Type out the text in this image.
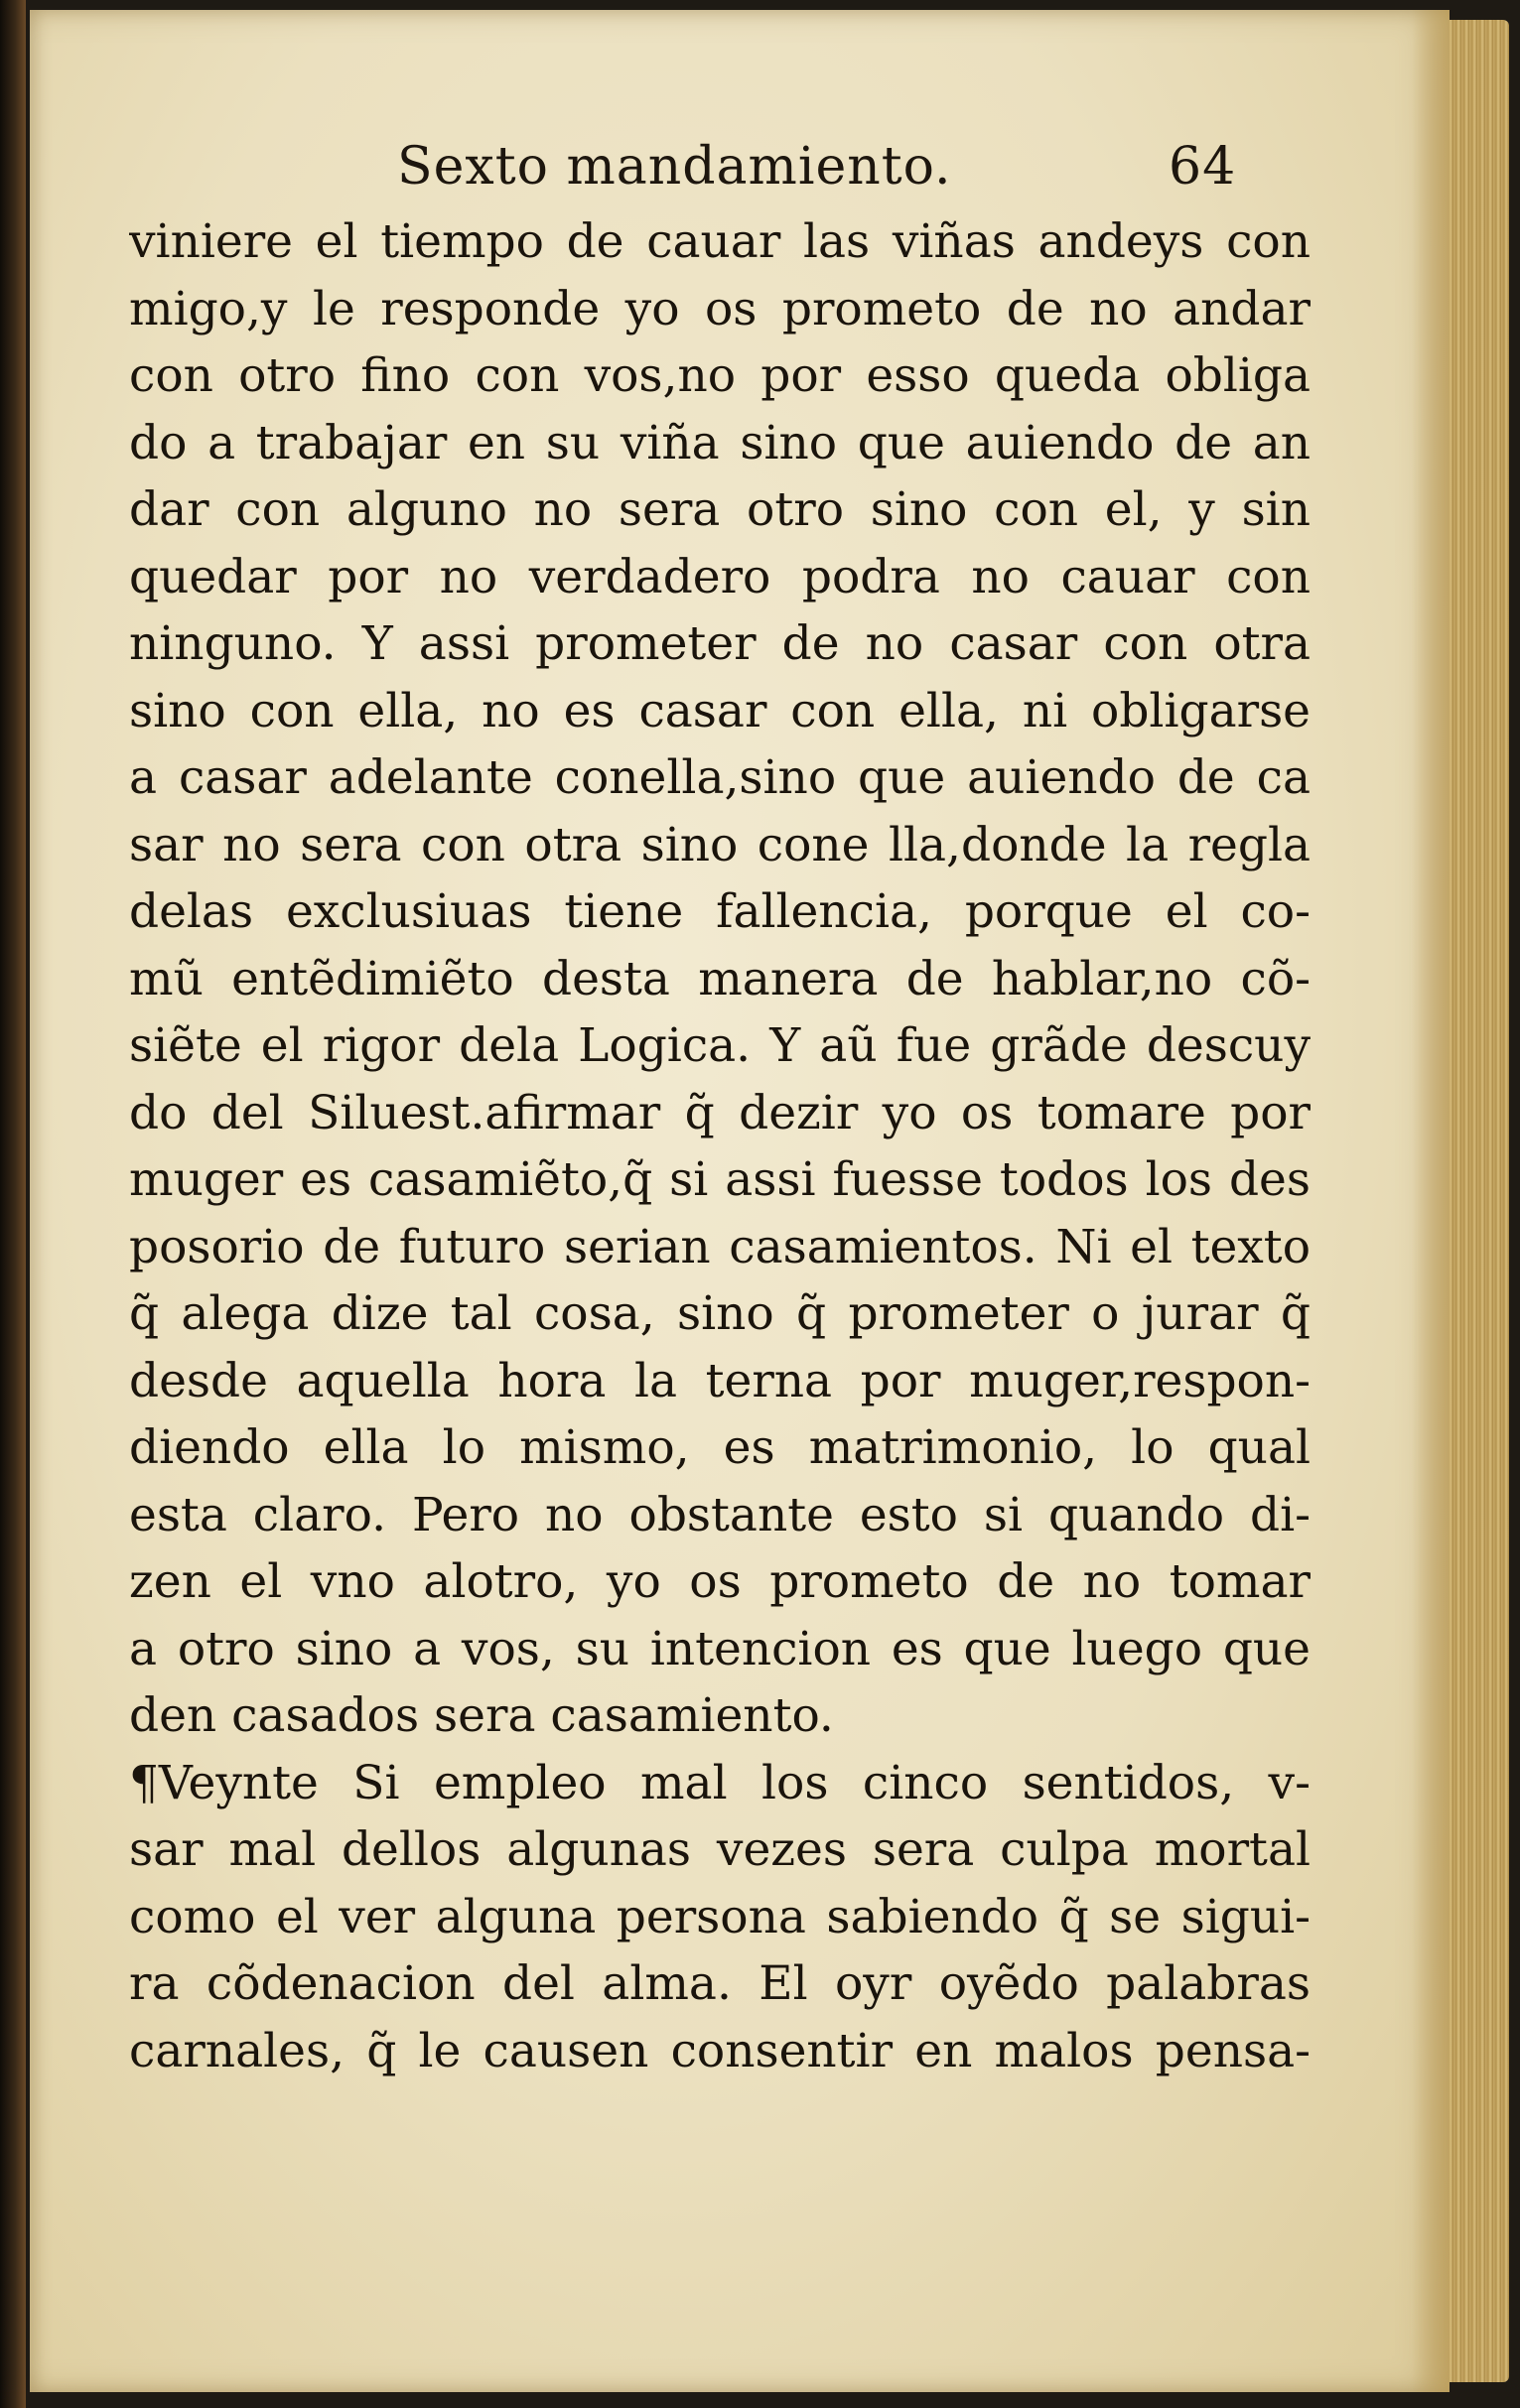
Sexto mandamiento.	64
viniere el tiempo de cauar las viñas andeys con
migo,y le responde yo os prometo de no andar
con otro fino con vos,no por esso queda obliga
do a trabajar en su viña sino que auiendo de an
dar con alguno no sera otro sino con el, y sin
quedar por no verdadero podra no cauar con
ninguno. Y assi prometer de no casar con otra
sino con ella, no es casar con ella, ni obligarse
a casar adelante conella,sino que auiendo de ca
sar no sera con otra sino cone lla,donde la regla
delas exclusiuas tiene fallencia, porque el co-
mũ entẽdimiẽto desta manera de hablar,no cõ-
siẽte el rigor dela Logica. Y aũ fue grãde descuy
do del Siluest.afirmar q̃ dezir yo os tomare por
muger es casamiẽto,q̃ si assi fuesse todos los des
posorio de futuro serian casamientos. Ni el texto
q̃ alega dize tal cosa, sino q̃ prometer o jurar q̃
desde aquella hora la terna por muger,respon-
diendo ella lo mismo, es matrimonio, lo qual
esta claro. Pero no obstante esto si quando di-
zen el vno alotro, yo os prometo de no tomar
a otro sino a vos, su intencion es que luego que
den casados sera casamiento.
¶Veynte Si empleo mal los cinco sentidos, v-
sar mal dellos algunas vezes sera culpa mortal
como el ver alguna persona sabiendo q̃ se sigui-
ra cõdenacion del alma. El oyr oyẽdo palabras
carnales, q̃ le causen consentir en malos pensa-
